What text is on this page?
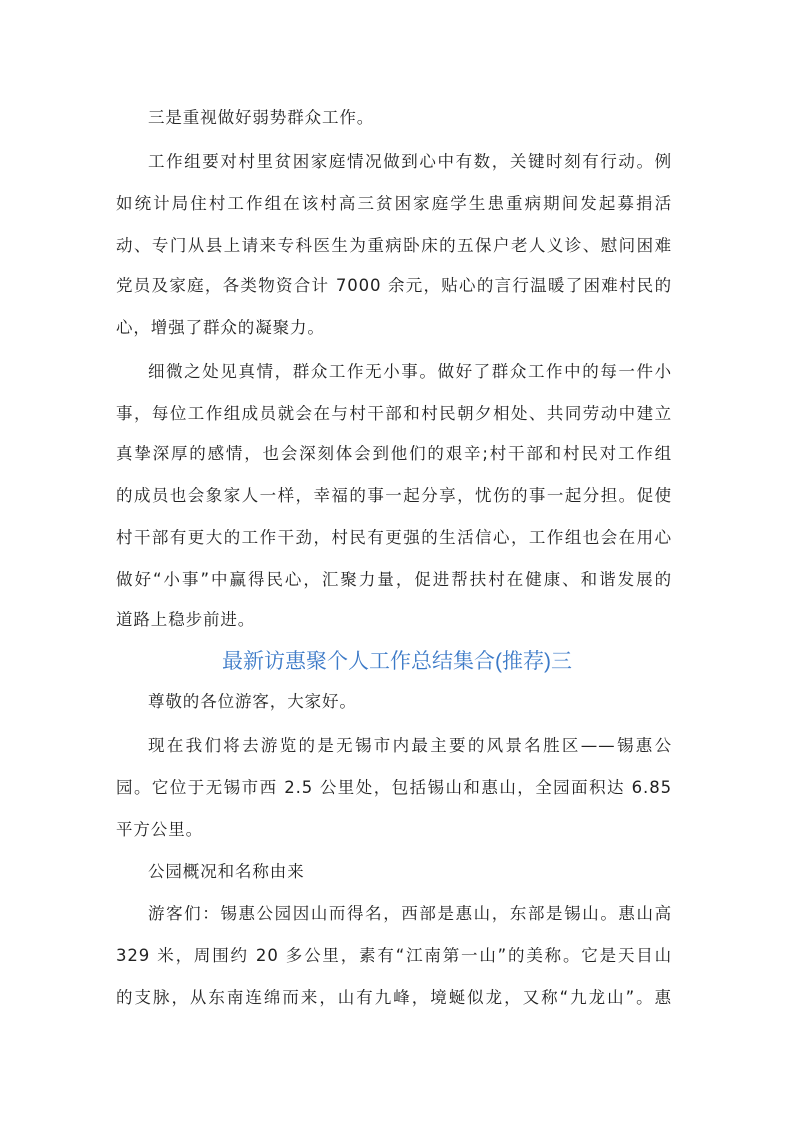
三是重视做好弱势群众工作。
工作组要对村里贫困家庭情况做到心中有数，关键时刻有行动。例
如统计局住村工作组在该村高三贫困家庭学生患重病期间发起募捐活
动、专门从县上请来专科医生为重病卧床的五保户老人义诊、慰问困难
党员及家庭，各类物资合计 7000 余元，贴心的言行温暖了困难村民的
心，增强了群众的凝聚力。
细微之处见真情，群众工作无小事。做好了群众工作中的每一件小
事，每位工作组成员就会在与村干部和村民朝夕相处、共同劳动中建立
真挚深厚的感情，也会深刻体会到他们的艰辛;村干部和村民对工作组
的成员也会象家人一样，幸福的事一起分享，忧伤的事一起分担。促使
村干部有更大的工作干劲，村民有更强的生活信心，工作组也会在用心
做好“小事”中赢得民心，汇聚力量，促进帮扶村在健康、和谐发展的
道路上稳步前进。
最新访惠聚个人工作总结集合(推荐)三
尊敬的各位游客，大家好。
现在我们将去游览的是无锡市内最主要的风景名胜区——锡惠公
园。它位于无锡市西 2.5 公里处，包括锡山和惠山，全园面积达 6.85
平方公里。
公园概况和名称由来
游客们：锡惠公园因山而得名，西部是惠山，东部是锡山。惠山高
329 米，周围约 20 多公里，素有“江南第一山”的美称。它是天目山
的支脉，从东南连绵而来，山有九峰，境蜒似龙，又称“九龙山”。惠
